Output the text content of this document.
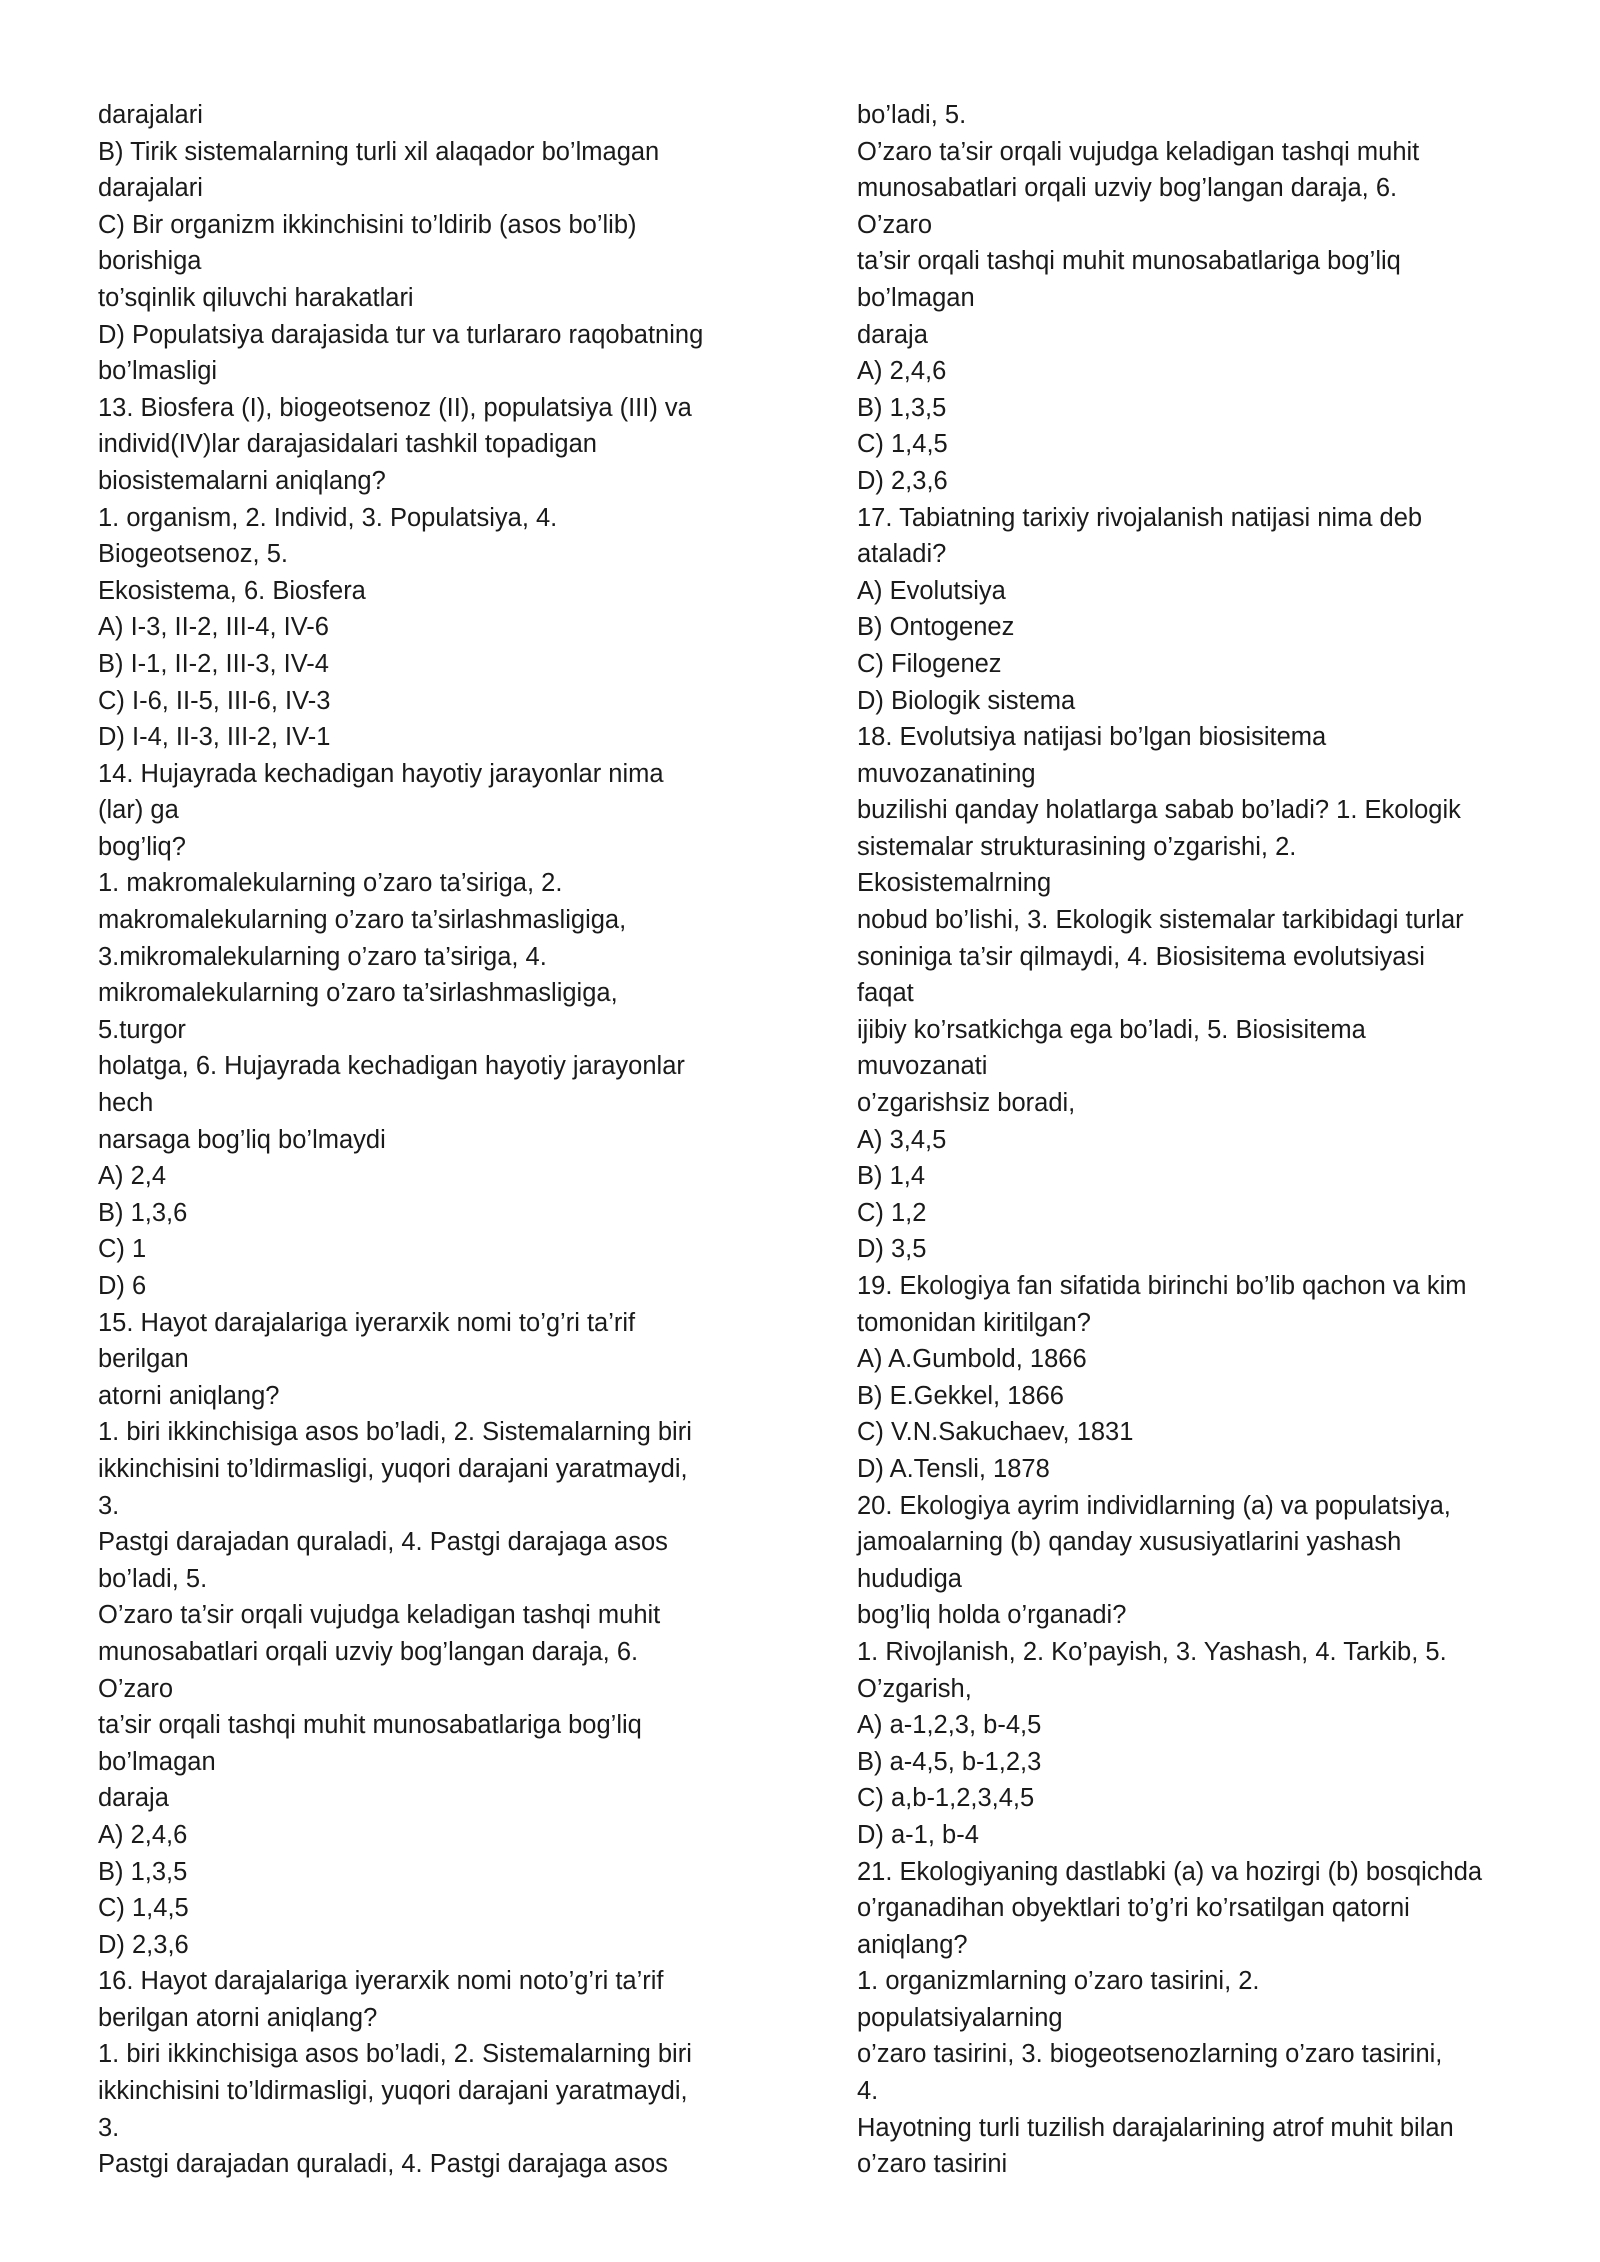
darajalari
B) Tirik sistemalarning turli xil alaqador bo’lmagan
darajalari
C) Bir organizm ikkinchisini to’ldirib (asos bo’lib)
borishiga
to’sqinlik qiluvchi harakatlari
D) Populatsiya darajasida tur va turlararo raqobatning
bo’lmasligi
13. Biosfera (I), biogeotsenoz (II), populatsiya (III) va
individ(IV)lar darajasidalari tashkil topadigan
biosistemalarni aniqlang?
1. organism, 2. Individ, 3. Populatsiya, 4.
Biogeotsenoz, 5.
Ekosistema, 6. Biosfera
A) I-3, II-2, III-4, IV-6
B) I-1, II-2, III-3, IV-4
C) I-6, II-5, III-6, IV-3
D) I-4, II-3, III-2, IV-1
14. Hujayrada kechadigan hayotiy jarayonlar nima
(lar) ga
bog’liq?
1. makromalekularning o’zaro ta’siriga, 2.
makromalekularning o’zaro ta’sirlashmasligiga,
3.mikromalekularning o’zaro ta’siriga, 4.
mikromalekularning o’zaro ta’sirlashmasligiga,
5.turgor
holatga, 6. Hujayrada kechadigan hayotiy jarayonlar
hech
narsaga bog’liq bo’lmaydi
A) 2,4
B) 1,3,6
C) 1
D) 6
15. Hayot darajalariga iyerarxik nomi to’g’ri ta’rif
berilgan
atorni aniqlang?
1. biri ikkinchisiga asos bo’ladi, 2. Sistemalarning biri
ikkinchisini to’ldirmasligi, yuqori darajani yaratmaydi,
3.
Pastgi darajadan quraladi, 4. Pastgi darajaga asos
bo’ladi, 5.
O’zaro ta’sir orqali vujudga keladigan tashqi muhit
munosabatlari orqali uzviy bog’langan daraja, 6.
O’zaro
ta’sir orqali tashqi muhit munosabatlariga bog’liq
bo’lmagan
daraja
A) 2,4,6
B) 1,3,5
C) 1,4,5
D) 2,3,6
16. Hayot darajalariga iyerarxik nomi noto’g’ri ta’rif
berilgan atorni aniqlang?
1. biri ikkinchisiga asos bo’ladi, 2. Sistemalarning biri
ikkinchisini to’ldirmasligi, yuqori darajani yaratmaydi,
3.
Pastgi darajadan quraladi, 4. Pastgi darajaga asos
bo’ladi, 5.
O’zaro ta’sir orqali vujudga keladigan tashqi muhit
munosabatlari orqali uzviy bog’langan daraja, 6.
O’zaro
ta’sir orqali tashqi muhit munosabatlariga bog’liq
bo’lmagan
daraja
A) 2,4,6
B) 1,3,5
C) 1,4,5
D) 2,3,6
17. Tabiatning tarixiy rivojalanish natijasi nima deb
ataladi?
A) Evolutsiya
B) Ontogenez
C) Filogenez
D) Biologik sistema
18. Evolutsiya natijasi bo’lgan biosisitema
muvozanatining
buzilishi qanday holatlarga sabab bo’ladi? 1. Ekologik
sistemalar strukturasining o’zgarishi, 2.
Ekosistemalrning
nobud bo’lishi, 3. Ekologik sistemalar tarkibidagi turlar
soniniga ta’sir qilmaydi, 4. Biosisitema evolutsiyasi
faqat
ijibiy ko’rsatkichga ega bo’ladi, 5. Biosisitema
muvozanati
o’zgarishsiz boradi,
A) 3,4,5
B) 1,4
C) 1,2
D) 3,5
19. Ekologiya fan sifatida birinchi bo’lib qachon va kim
tomonidan kiritilgan?
A) A.Gumbold, 1866
B) E.Gekkel, 1866
C) V.N.Sakuchaev, 1831
D) A.Tensli, 1878
20. Ekologiya ayrim individlarning (a) va populatsiya,
jamoalarning (b) qanday xususiyatlarini yashash
hududiga
bog’liq holda o’rganadi?
1. Rivojlanish, 2. Ko’payish, 3. Yashash, 4. Tarkib, 5.
O’zgarish,
A) a-1,2,3, b-4,5
B) a-4,5, b-1,2,3
C) a,b-1,2,3,4,5
D) a-1, b-4
21. Ekologiyaning dastlabki (a) va hozirgi (b) bosqichda
o’rganadihan obyektlari to’g’ri ko’rsatilgan qatorni
aniqlang?
1. organizmlarning o’zaro tasirini, 2.
populatsiyalarning
o’zaro tasirini, 3. biogeotsenozlarning o’zaro tasirini,
4.
Hayotning turli tuzilish darajalarining atrof muhit bilan
o’zaro tasirini
